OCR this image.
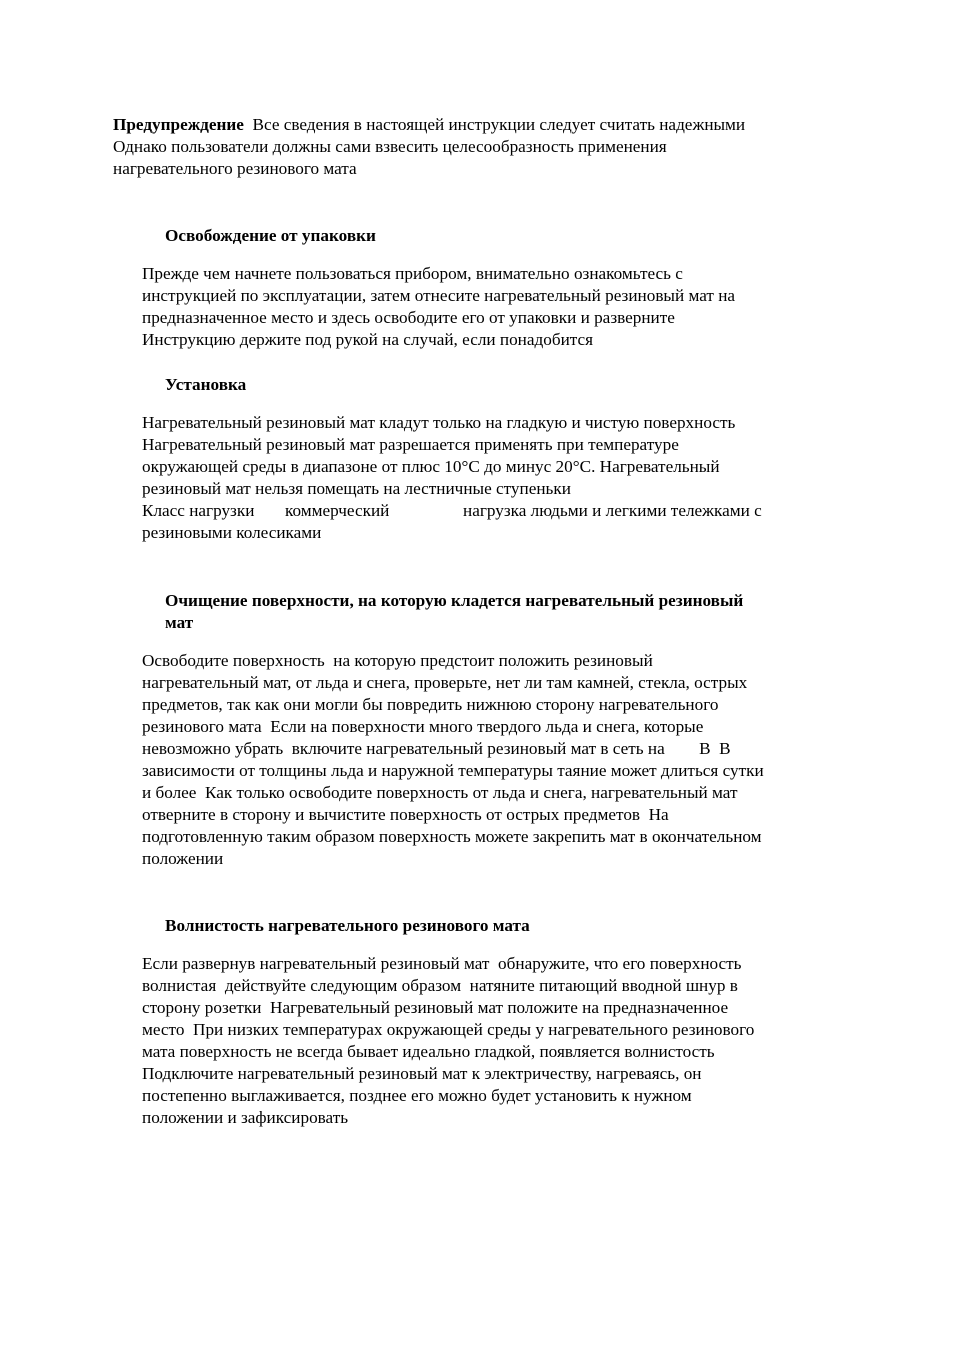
Предупреждение  Все сведения в настоящей инструкции следует считать надежными
Однако пользователи должны сами взвесить целесообразность применения
нагревательного резинового мата
Освобождение от упаковки
Прежде чем начнете пользоваться прибором, внимательно ознакомьтесь с
инструкцией по эксплуатации, затем отнесите нагревательный резиновый мат на
предназначенное место и здесь освободите его от упаковки и разверните
Инструкцию держите под рукой на случай, если понадобится
Установка
Нагревательный резиновый мат кладут только на гладкую и чистую поверхность
Нагревательный резиновый мат разрешается применять при температуре
окружающей среды в диапазоне от плюс 10°С до минус 20°С. Нагревательный
резиновый мат нельзя помещать на лестничные ступеньки
Класс нагрузки коммерческий	нагрузка людьми и легкими тележками с
резиновыми колесиками
Очищение поверхности, на которую кладется нагревательный резиновый
мат
Освободите поверхность  на которую предстоит положить резиновый
нагревательный мат, от льда и снега, проверьте, нет ли там камней, стекла, острых
предметов, так как они могли бы повредить нижнюю сторону нагревательного
резинового мата  Если на поверхности много твердого льда и снега, которые
невозможно убрать  включите нагревательный резиновый мат в сеть на        В  В
зависимости от толщины льда и наружной температуры таяние может длиться сутки
и более  Как только освободите поверхность от льда и снега, нагревательный мат
отверните в сторону и вычистите поверхность от острых предметов  На
подготовленную таким образом поверхность можете закрепить мат в окончательном
положении
Волнистость нагревательного резинового мата
Если развернув нагревательный резиновый мат  обнаружите, что его поверхность
волнистая  действуйте следующим образом  натяните питающий вводной шнур в
сторону розетки  Нагревательный резиновый мат положите на предназначенное
место  При низких температурах окружающей среды у нагревательного резинового
мата поверхность не всегда бывает идеально гладкой, появляется волнистость
Подключите нагревательный резиновый мат к электричеству, нагреваясь, он
постепенно выглаживается, позднее его можно будет установить к нужном
положении и зафиксировать
